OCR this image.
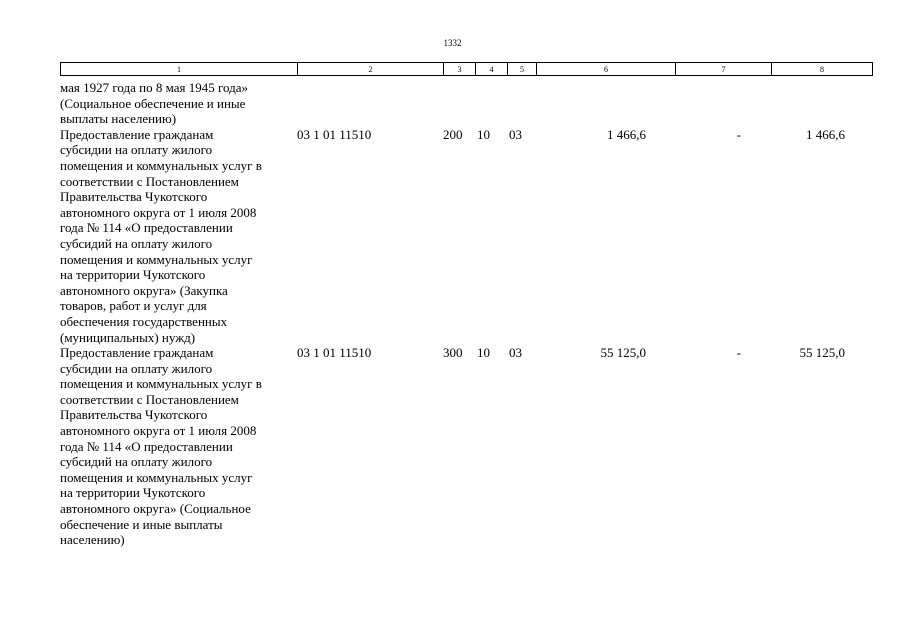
1332
1	2	3	4	5	6	7	8
мая 1927 года по 8 мая 1945 года»
(Социальное обеспечение и иные
выплаты населению)
Предоставление гражданам
субсидии на оплату жилого
помещения и коммунальных услуг в
соответствии с Постановлением
Правительства Чукотского
автономного округа от 1 июля 2008
года № 114 «О предоставлении
субсидий на оплату жилого
помещения и коммунальных услуг
на территории Чукотского
автономного округа» (Закупка
товаров, работ и услуг для
обеспечения государственных
(муниципальных) нужд)
03 1 01 11510	200 10 03	1 466,6	-	1 466,6
Предоставление гражданам
субсидии на оплату жилого
помещения и коммунальных услуг в
соответствии с Постановлением
Правительства Чукотского
автономного округа от 1 июля 2008
года № 114 «О предоставлении
субсидий на оплату жилого
помещения и коммунальных услуг
на территории Чукотского
автономного округа» (Социальное
обеспечение и иные выплаты
населению)
03 1 01 11510	300 10 03	55 125,0	-	55 125,0
